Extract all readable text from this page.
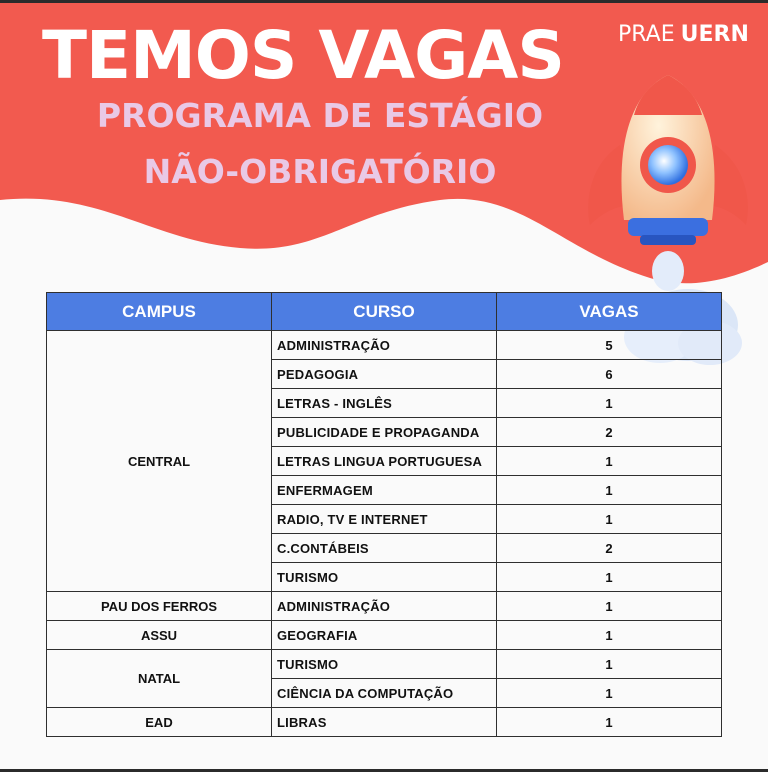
TEMOS VAGAS PRAE UERN
PROGRAMA DE ESTÁGIO
NÃO-OBRIGATÓRIO
CAMPUS	CURSO	VAGAS
CENTRAL	ADMINISTRAÇÃO	5
	PEDAGOGIA	6
	LETRAS - INGLÊS	1
	PUBLICIDADE E PROPAGANDA	2
	LETRAS LINGUA PORTUGUESA	1
	ENFERMAGEM	1
	RADIO, TV E INTERNET	1
	C.CONTÁBEIS	2
	TURISMO	1
PAU DOS FERROS	ADMINISTRAÇÃO	1
ASSU	GEOGRAFIA	1
NATAL	TURISMO	1
	CIÊNCIA DA COMPUTAÇÃO	1
EAD	LIBRAS	1
